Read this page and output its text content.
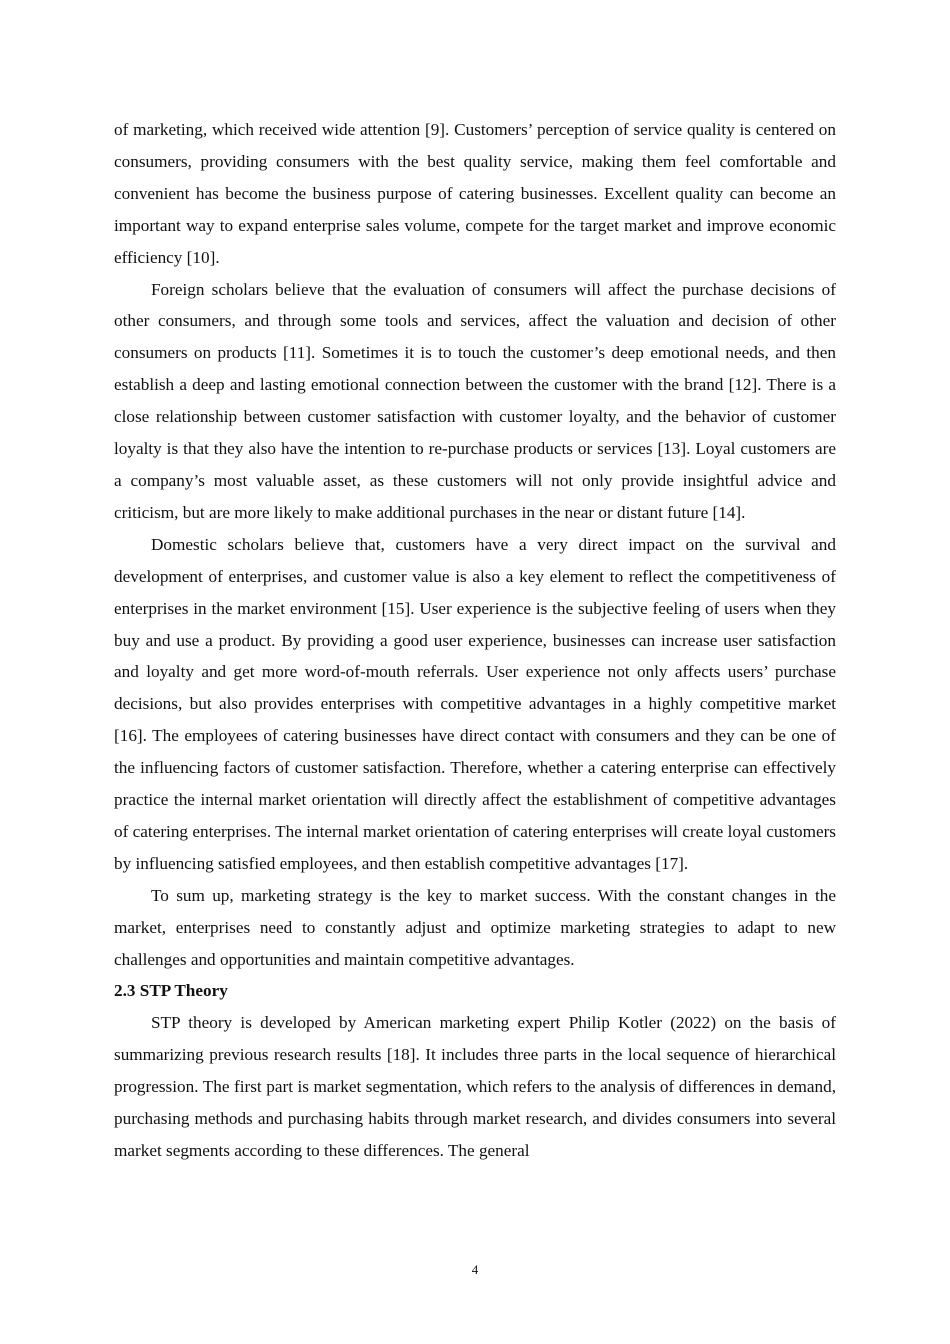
of marketing, which received wide attention [9]. Customers’ perception of service quality is centered on consumers, providing consumers with the best quality service, making them feel comfortable and convenient has become the business purpose of catering businesses. Excellent quality can become an important way to expand enterprise sales volume, compete for the target market and improve economic efficiency [10].

Foreign scholars believe that the evaluation of consumers will affect the purchase decisions of other consumers, and through some tools and services, affect the valuation and decision of other consumers on products [11]. Sometimes it is to touch the customer’s deep emotional needs, and then establish a deep and lasting emotional connection between the customer with the brand [12]. There is a close relationship between customer satisfaction with customer loyalty, and the behavior of customer loyalty is that they also have the intention to re-purchase products or services [13]. Loyal customers are a company’s most valuable asset, as these customers will not only provide insightful advice and criticism, but are more likely to make additional purchases in the near or distant future [14].

Domestic scholars believe that, customers have a very direct impact on the survival and development of enterprises, and customer value is also a key element to reflect the competitiveness of enterprises in the market environment [15]. User experience is the subjective feeling of users when they buy and use a product. By providing a good user experience, businesses can increase user satisfaction and loyalty and get more word-of-mouth referrals. User experience not only affects users’ purchase decisions, but also provides enterprises with competitive advantages in a highly competitive market [16]. The employees of catering businesses have direct contact with consumers and they can be one of the influencing factors of customer satisfaction. Therefore, whether a catering enterprise can effectively practice the internal market orientation will directly affect the establishment of competitive advantages of catering enterprises. The internal market orientation of catering enterprises will create loyal customers by influencing satisfied employees, and then establish competitive advantages [17].

To sum up, marketing strategy is the key to market success. With the constant changes in the market, enterprises need to constantly adjust and optimize marketing strategies to adapt to new challenges and opportunities and maintain competitive advantages.

2.3 STP Theory

STP theory is developed by American marketing expert Philip Kotler (2022) on the basis of summarizing previous research results [18]. It includes three parts in the local sequence of hierarchical progression. The first part is market segmentation, which refers to the analysis of differences in demand, purchasing methods and purchasing habits through market research, and divides consumers into several market segments according to these differences. The general

4
